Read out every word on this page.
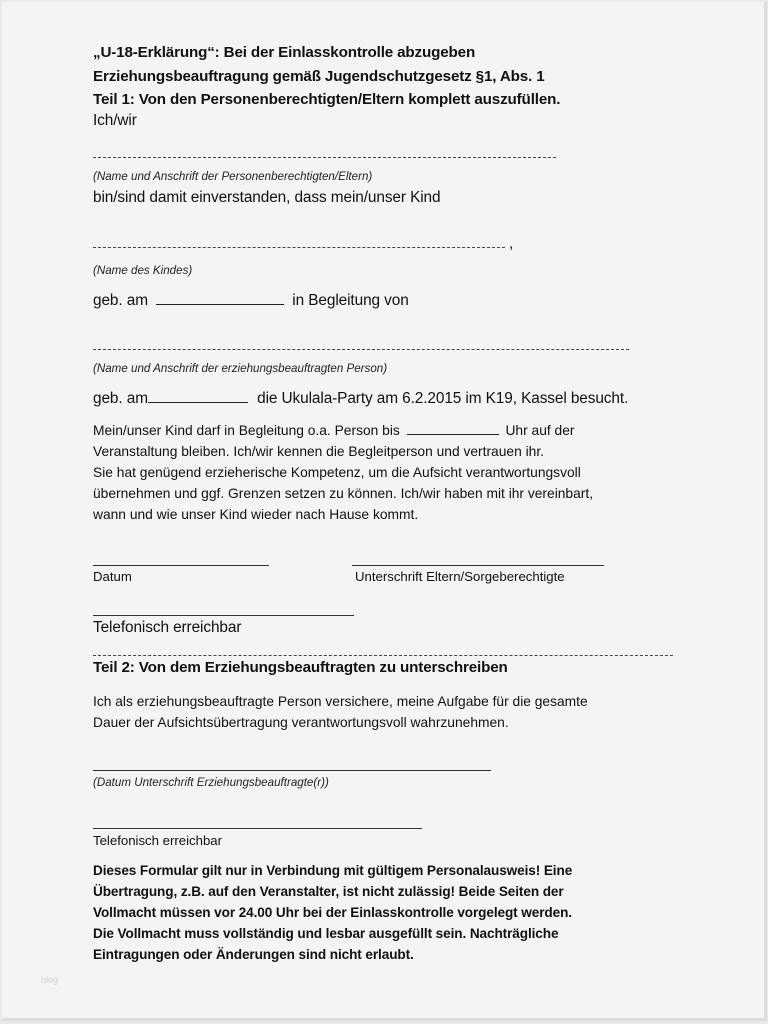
„U-18-Erklärung“: Bei der Einlasskontrolle abzugeben
Erziehungsbeauftragung gemäß Jugendschutzgesetz §1, Abs. 1
Teil 1: Von den Personenberechtigten/Eltern komplett auszufüllen.
Ich/wir
(Name und Anschrift der Personenberechtigten/Eltern)
bin/sind damit einverstanden, dass mein/unser Kind
,
(Name des Kindes)
geb. am	in Begleitung von
(Name und Anschrift der erziehungsbeauftragten Person)
geb. am	die Ukulala-Party am 6.2.2015 im K19, Kassel besucht.
Mein/unser Kind darf in Begleitung o.a. Person bis	Uhr auf der
Veranstaltung bleiben. Ich/wir kennen die Begleitperson und vertrauen ihr.
Sie hat genügend erzieherische Kompetenz, um die Aufsicht verantwortungsvoll
übernehmen und ggf. Grenzen setzen zu können. Ich/wir haben mit ihr vereinbart,
wann und wie unser Kind wieder nach Hause kommt.
Datum	Unterschrift Eltern/Sorgeberechtigte
Telefonisch erreichbar
Teil 2: Von dem Erziehungsbeauftragten zu unterschreiben
Ich als erziehungsbeauftragte Person versichere, meine Aufgabe für die gesamte
Dauer der Aufsichtsübertragung verantwortungsvoll wahrzunehmen.
(Datum Unterschrift Erziehungsbeauftragte(r))
Telefonisch erreichbar
Dieses Formular gilt nur in Verbindung mit gültigem Personalausweis! Eine
Übertragung, z.B. auf den Veranstalter, ist nicht zulässig! Beide Seiten der
Vollmacht müssen vor 24.00 Uhr bei der Einlasskontrolle vorgelegt werden.
Die Vollmacht muss vollständig und lesbar ausgefüllt sein. Nachträgliche
Eintragungen oder Änderungen sind nicht erlaubt.
blog
